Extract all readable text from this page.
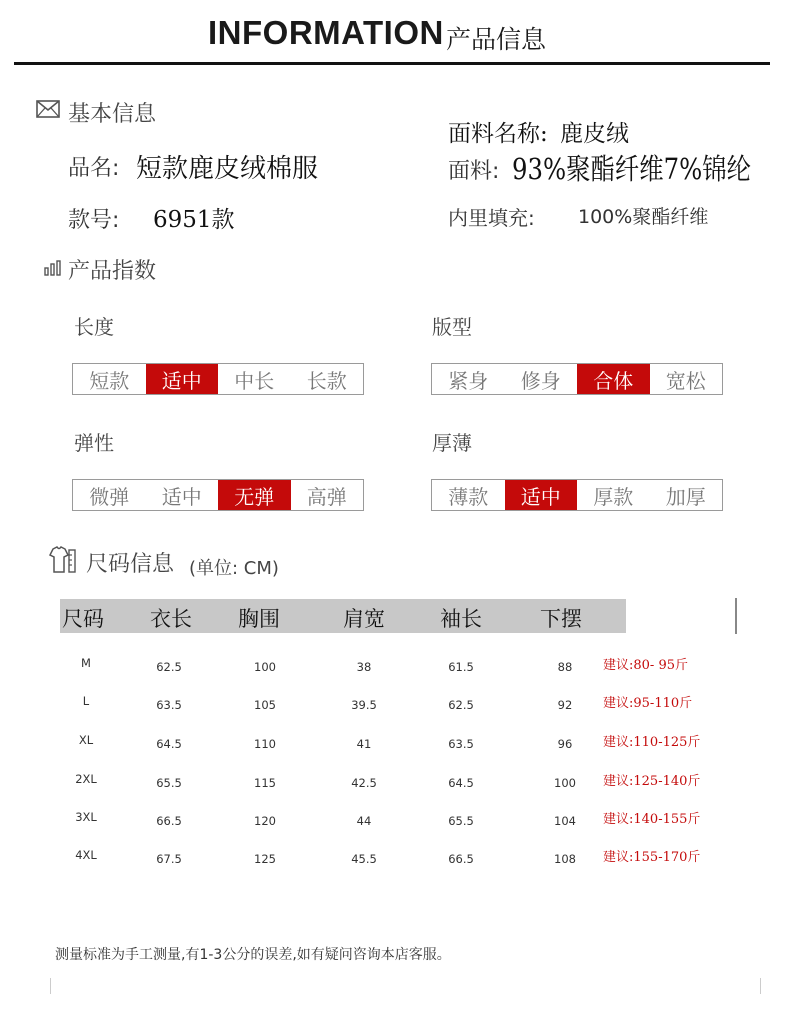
INFORMATION 产品信息
基本信息
品名: 短款鹿皮绒棉服
款号: 6951款
面料名称: 鹿皮绒
面料: 93%聚酯纤维7%锦纶
内里填充: 100%聚酯纤维
产品指数
长度	版型
弹性	厚薄
短款	适中	中长	长款	紧身	修身	合体	宽松
微弹	适中	无弹	高弹	薄款	适中	厚款	加厚
尺码信息 (单位: CM)
尺码 衣长 胸围	肩宽	袖长	下摆
M	62.5	100	38	61.5	88 建议:80- 95斤
L	63.5	105	39.5	62.5	92 建议:95-110斤
XL	64.5	110	41	63.5	96 建议:110-125斤
2XL	65.5	115	42.5	64.5	100 建议:125-140斤
3XL	66.5	120	44	65.5	104 建议:140-155斤
4XL	67.5	125	45.5	66.5	108 建议:155-170斤
测量标准为手工测量,有1-3公分的误差,如有疑问咨询本店客服。
